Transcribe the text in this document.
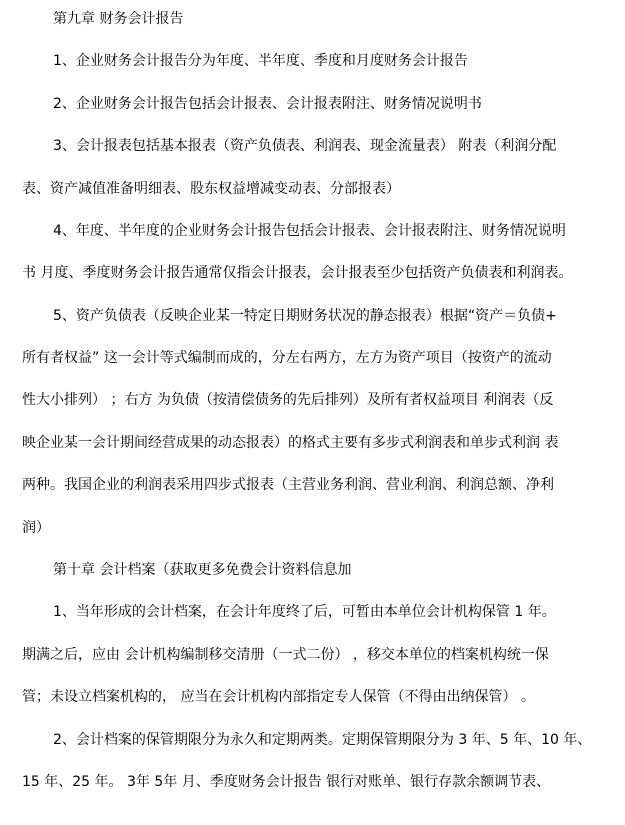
第九章 财务会计报告
1、企业财务会计报告分为年度、半年度、季度和月度财务会计报告
2、企业财务会计报告包括会计报表、会计报表附注、财务情况说明书
3、会计报表包括基本报表（资产负债表、利润表、现金流量表） 附表（利润分配
表、资产减值准备明细表、股东权益增减变动表、分部报表）
4、年度、半年度的企业财务会计报告包括会计报表、会计报表附注、财务情况说明
书 月度、季度财务会计报告通常仅指会计报表，会计报表至少包括资产负债表和利润表。
5、资产负债表（反映企业某一特定日期财务状况的静态报表）根据“资产＝负债+
所有者权益” 这一会计等式编制而成的，分左右两方，左方为资产项目（按资产的流动
性大小排列） ；右方 为负债（按清偿债务的先后排列）及所有者权益项目 利润表（反
映企业某一会计期间经营成果的动态报表）的格式主要有多步式利润表和单步式利润 表
两种。我国企业的利润表采用四步式报表（主营业务利润、营业利润、利润总额、净利
润）
第十章 会计档案（获取更多免费会计资料信息加
1、当年形成的会计档案，在会计年度终了后，可暂由本单位会计机构保管 1 年。
期满之后，应由 会计机构编制移交清册（一式二份） ，移交本单位的档案机构统一保
管；未设立档案机构的， 应当在会计机构内部指定专人保管（不得由出纳保管） 。
2、会计档案的保管期限分为永久和定期两类。定期保管期限分为 3 年、5 年、10 年、
15 年、25 年。 3年 5年 月、季度财务会计报告 银行对账单、银行存款余额调节表、
